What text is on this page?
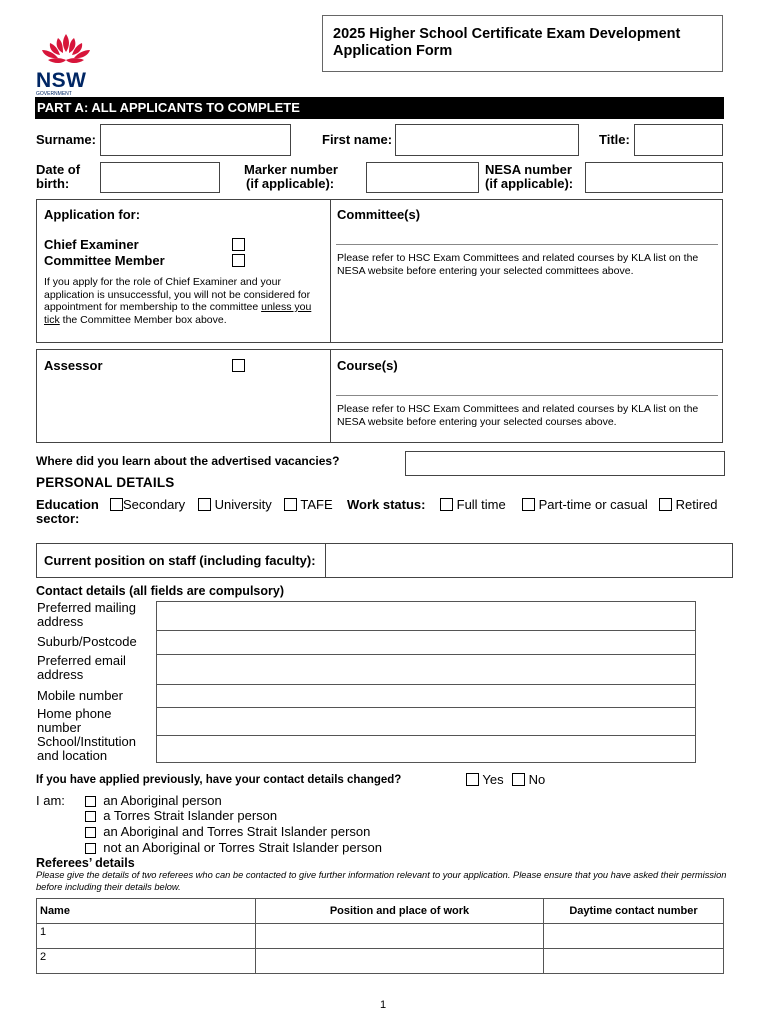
NSW
GOVERNMENT
2025 Higher School Certificate Exam Development Application Form
PART A: ALL APPLICANTS TO COMPLETE
Surname:	First name:	Title:
Date of
birth:
Marker number
(if applicable):
NESA number
(if applicable):
Application for:
Chief Examiner
Committee Member
If you apply for the role of Chief Examiner and your application is unsuccessful, you will not be considered for appointment for membership to the committee unless you tick the Committee Member box above.
Committee(s)
Please refer to HSC Exam Committees and related courses by KLA list on the NESA website before entering your selected committees above.
Assessor	Course(s)
Please refer to HSC Exam Committees and related courses by KLA list on the NESA website before entering your selected courses above.
Where did you learn about the advertised vacancies?
PERSONAL DETAILS
Education
sector:
Secondary	University	TAFE Work status:	Full time	Part-time or casual	Retired
Current position on staff (including faculty):
Contact details (all fields are compulsory)
Preferred mailing address
Suburb/Postcode
Preferred email address
Mobile number
Home phone number
School/Institution and location
If you have applied previously, have your contact details changed?	Yes	No
I am:	an Aboriginal person
a Torres Strait Islander person
an Aboriginal and Torres Strait Islander person
not an Aboriginal or Torres Strait Islander person
Referees’ details
Please give the details of two referees who can be contacted to give further information relevant to your application. Please ensure that you have asked their permission before including their details below.
Name	Position and place of work	Daytime contact number
1		
2		
1
